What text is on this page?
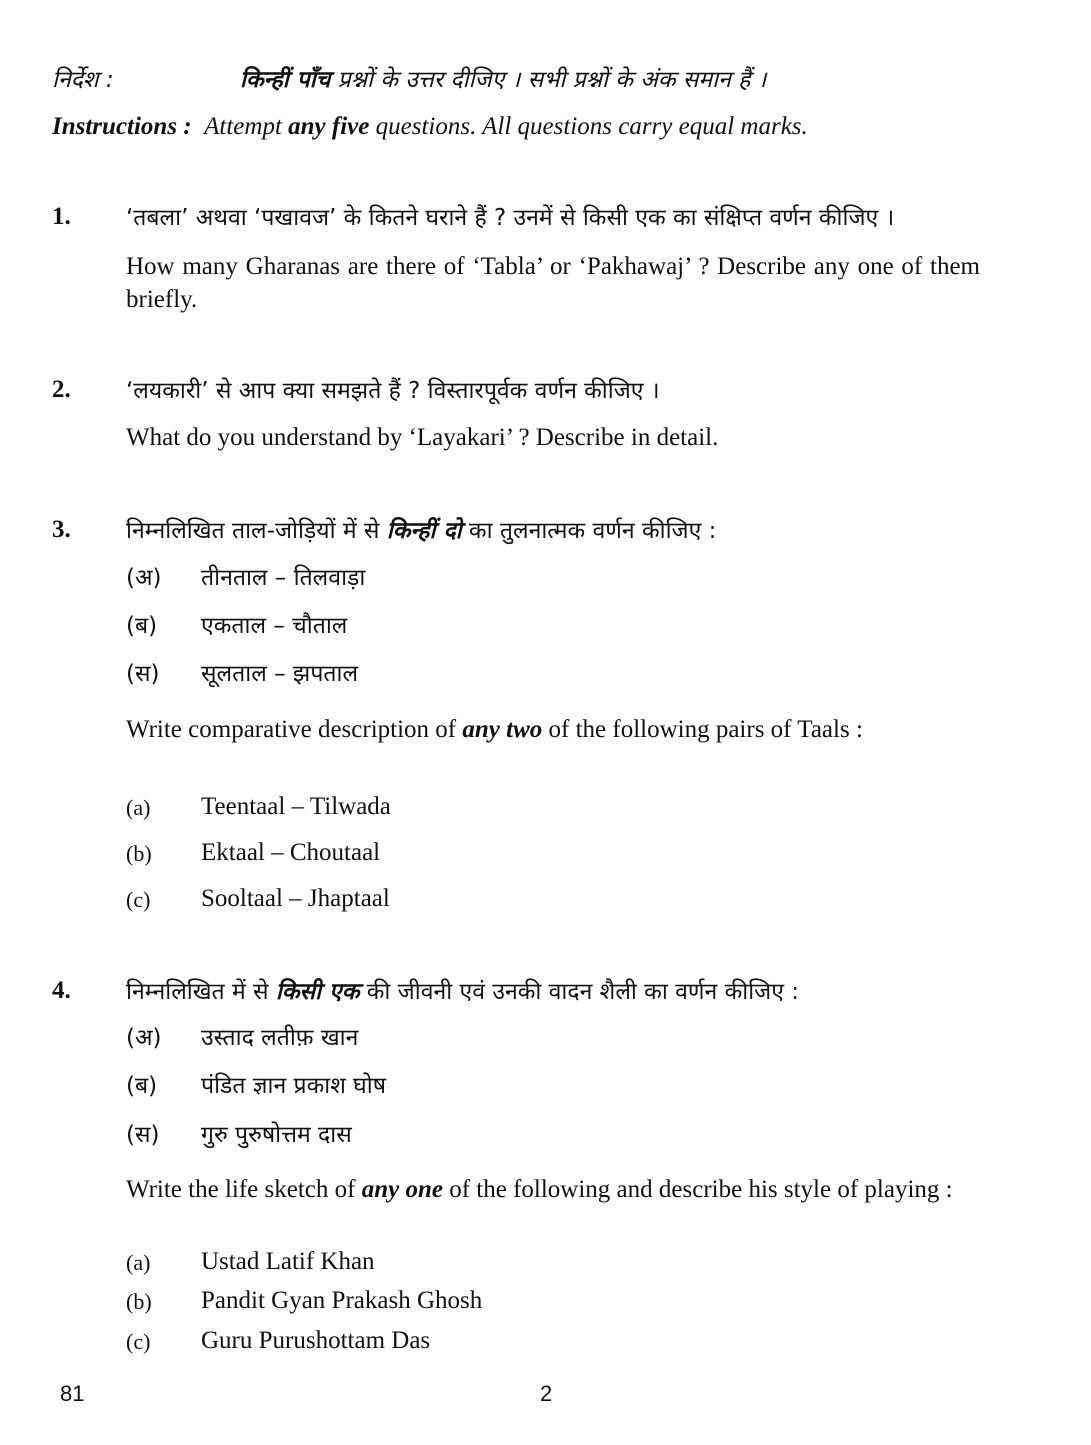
निर्देश :	किन्हीं पाँच प्रश्नों के उत्तर दीजिए । सभी प्रश्नों के अंक समान हैं ।
Instructions : Attempt any five questions. All questions carry equal marks.
1. ‘तबला’ अथवा ‘पखावज’ के कितने घराने हैं ? उनमें से किसी एक का संक्षिप्त वर्णन कीजिए ।
How many Gharanas are there of ‘Tabla’ or ‘Pakhawaj’ ? Describe any one of them briefly.
2. ‘लयकारी’ से आप क्या समझते हैं ? विस्तारपूर्वक वर्णन कीजिए ।
What do you understand by ‘Layakari’ ? Describe in detail.
3. निम्नलिखित ताल-जोड़ियों में से किन्हीं दो का तुलनात्मक वर्णन कीजिए :
(अ) तीनताल – तिलवाड़ा
(ब) एकताल – चौताल
(स) सूलताल – झपताल
Write comparative description of any two of the following pairs of Taals :
(a) Teentaal – Tilwada
(b) Ektaal – Choutaal
(c) Sooltaal – Jhaptaal
4. निम्नलिखित में से किसी एक की जीवनी एवं उनकी वादन शैली का वर्णन कीजिए :
(अ) उस्ताद लतीफ़ खान
(ब) पंडित ज्ञान प्रकाश घोष
(स) गुरु पुरुषोत्तम दास
Write the life sketch of any one of the following and describe his style of playing :
(a) Ustad Latif Khan
(b) Pandit Gyan Prakash Ghosh
(c) Guru Purushottam Das
81	2
